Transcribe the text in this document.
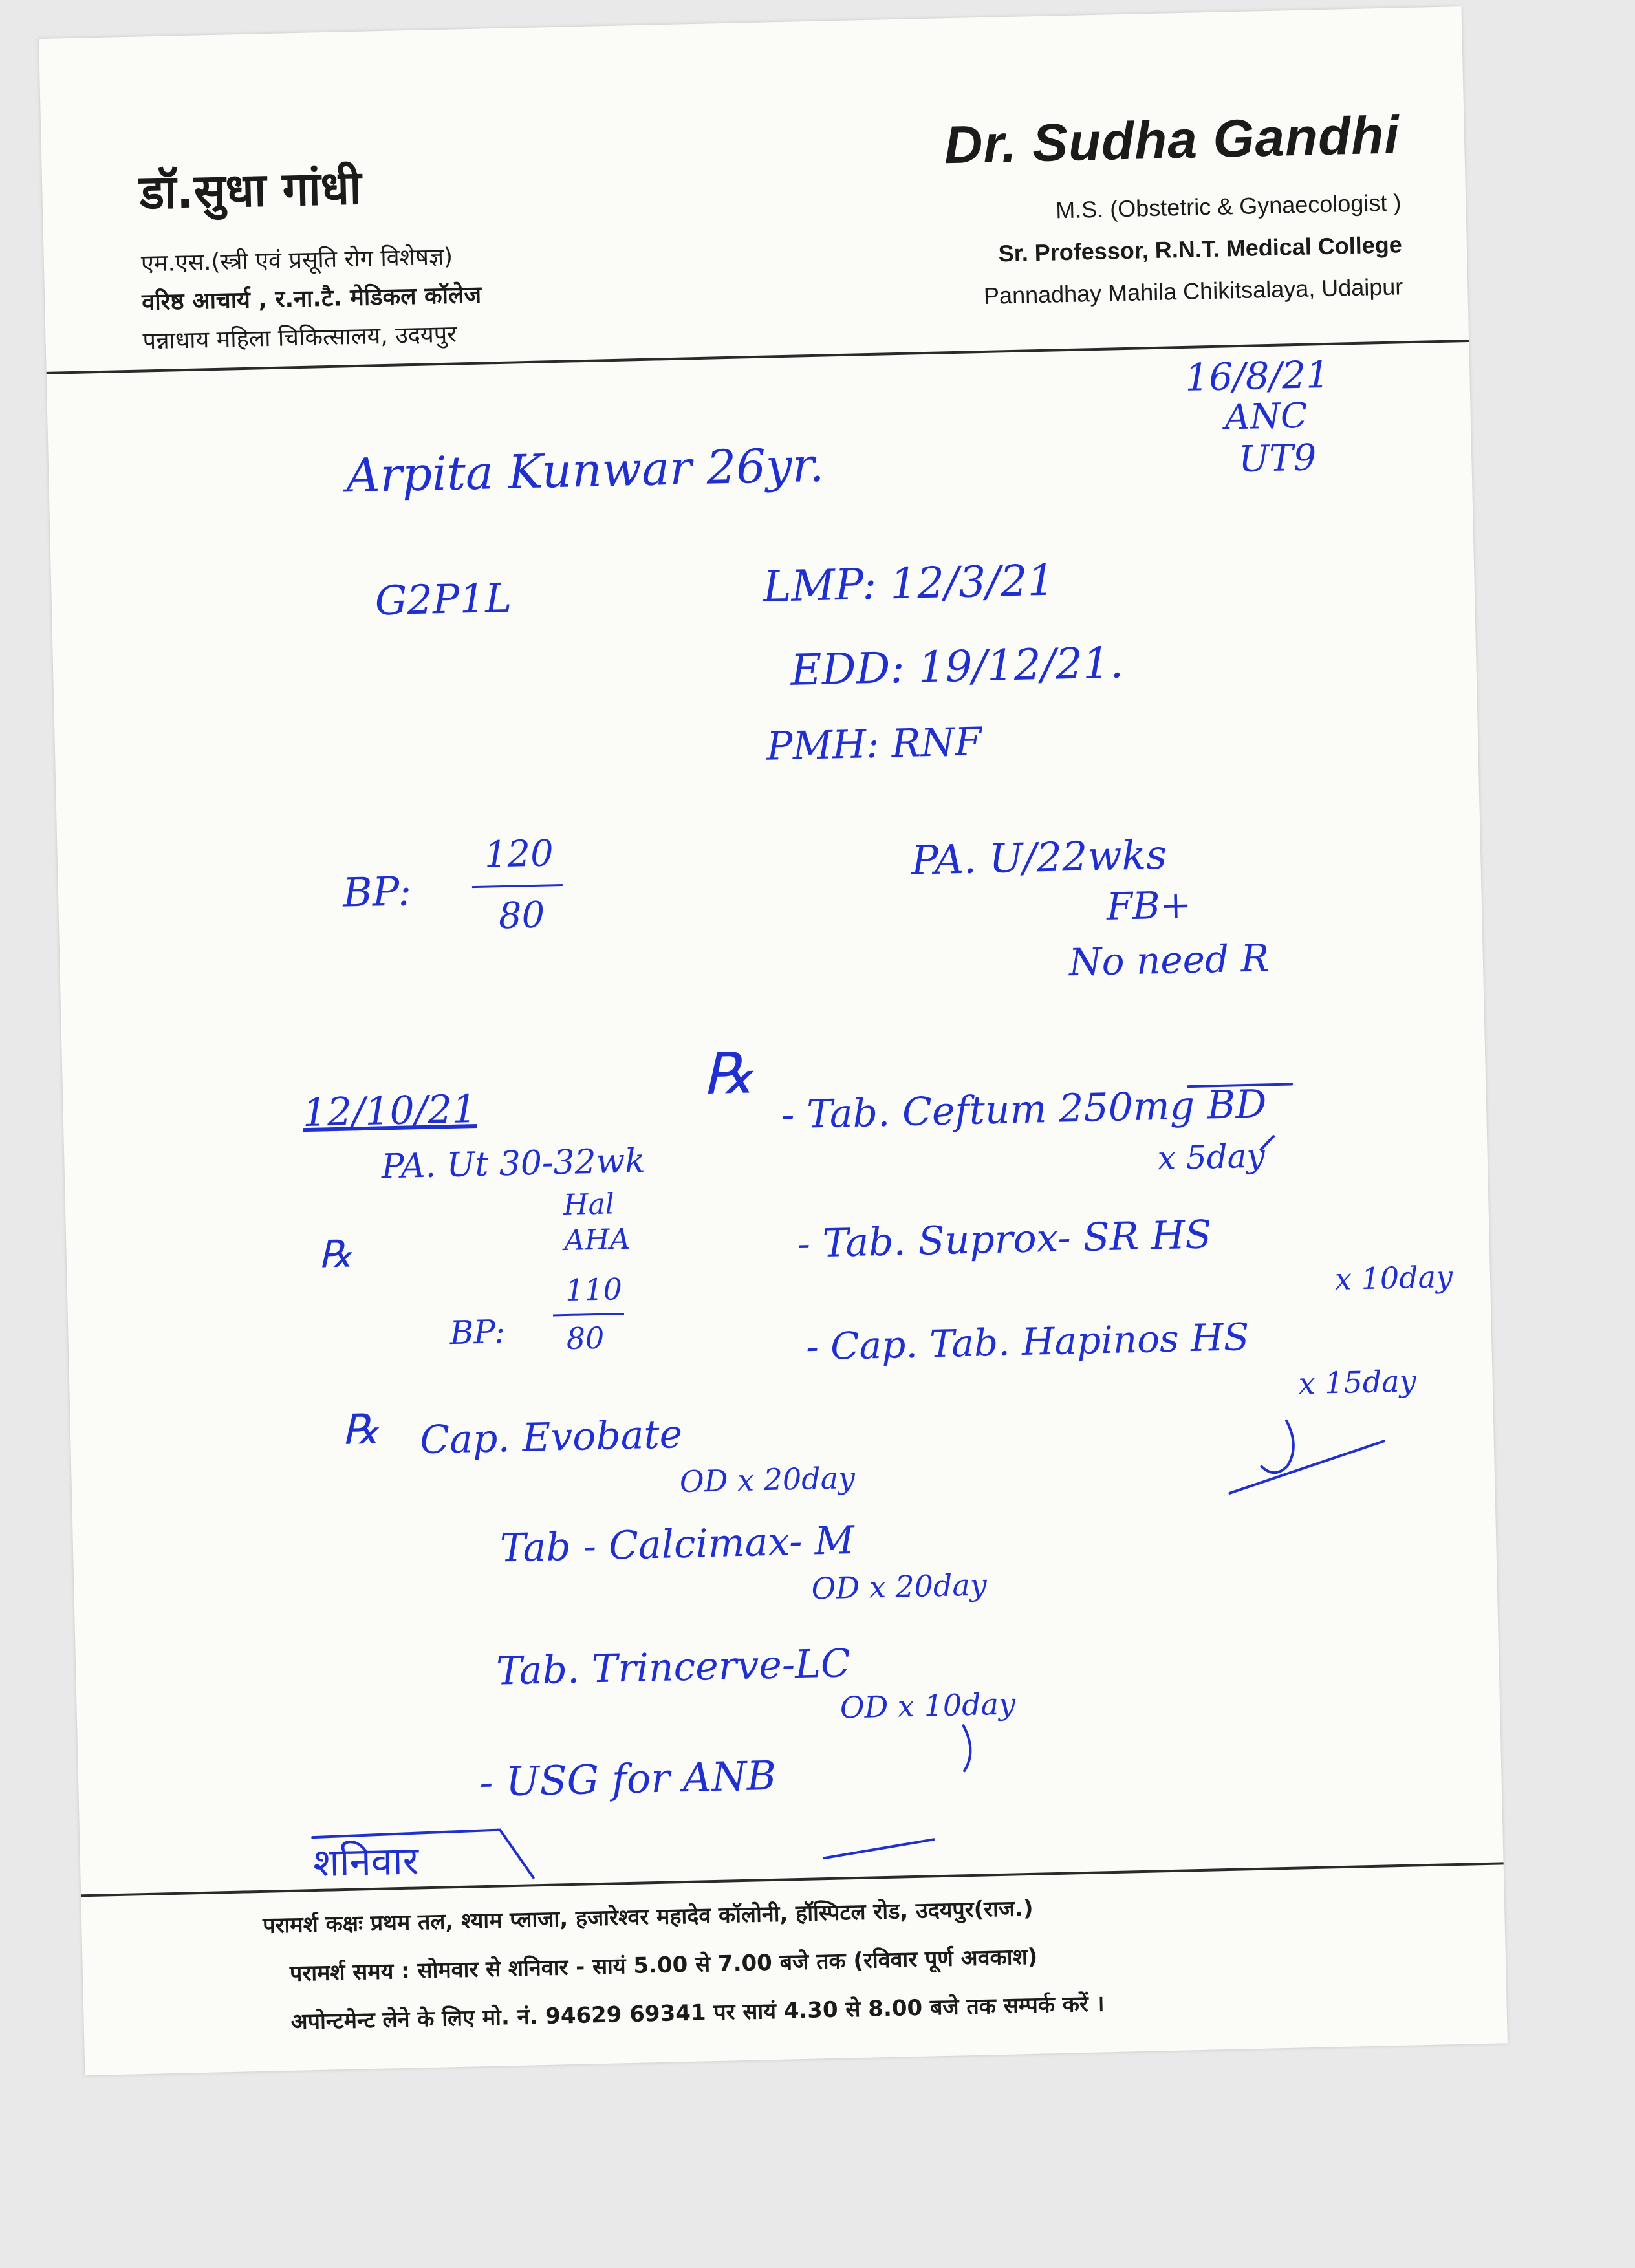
डॉ.सुधा गांधी
एम.एस.(स्त्री एवं प्रसूति रोग विशेषज्ञ)
वरिष्ठ आचार्य , र.ना.टै. मेडिकल कॉलेज
पन्नाधाय महिला चिकित्सालय, उदयपुर
Dr. Sudha Gandhi
M.S. (Obstetric & Gynaecologist )
Sr. Professor, R.N.T. Medical College
Pannadhay Mahila Chikitsalaya, Udaipur
16/8/21
ANC
UT9
Arpita Kunwar 26yr.
G2P1L	LMP: 12/3/21
EDD: 19/12/21.
PMH: RNF
BP:
120
80
PA. U/22wks
FB+
No need R
12/10/21
PA. Ut 30-32wk
Hal
AHA
℞
BP:
110
80
℞
- Tab. Ceftum 250mg BD
x 5day
- Tab. Suprox- SR HS
x 10day
- Cap. Tab. Hapinos HS
x 15day
℞ Cap. Evobate
OD x 20day
Tab - Calcimax- M
OD x 20day
Tab. Trincerve-LC
OD x 10day
- USG for ANB
शनिवार
परामर्श कक्षः प्रथम तल, श्याम प्लाजा, हजारेश्वर महादेव कॉलोनी, हॉस्पिटल रोड, उदयपुर(राज.)
परामर्श समय : सोमवार से शनिवार - सायं 5.00 से 7.00 बजे तक (रविवार पूर्ण अवकाश)
अपोन्टमेन्ट लेने के लिए मो. नं. 94629 69341 पर सायं 4.30 से 8.00 बजे तक सम्पर्क करें ।
